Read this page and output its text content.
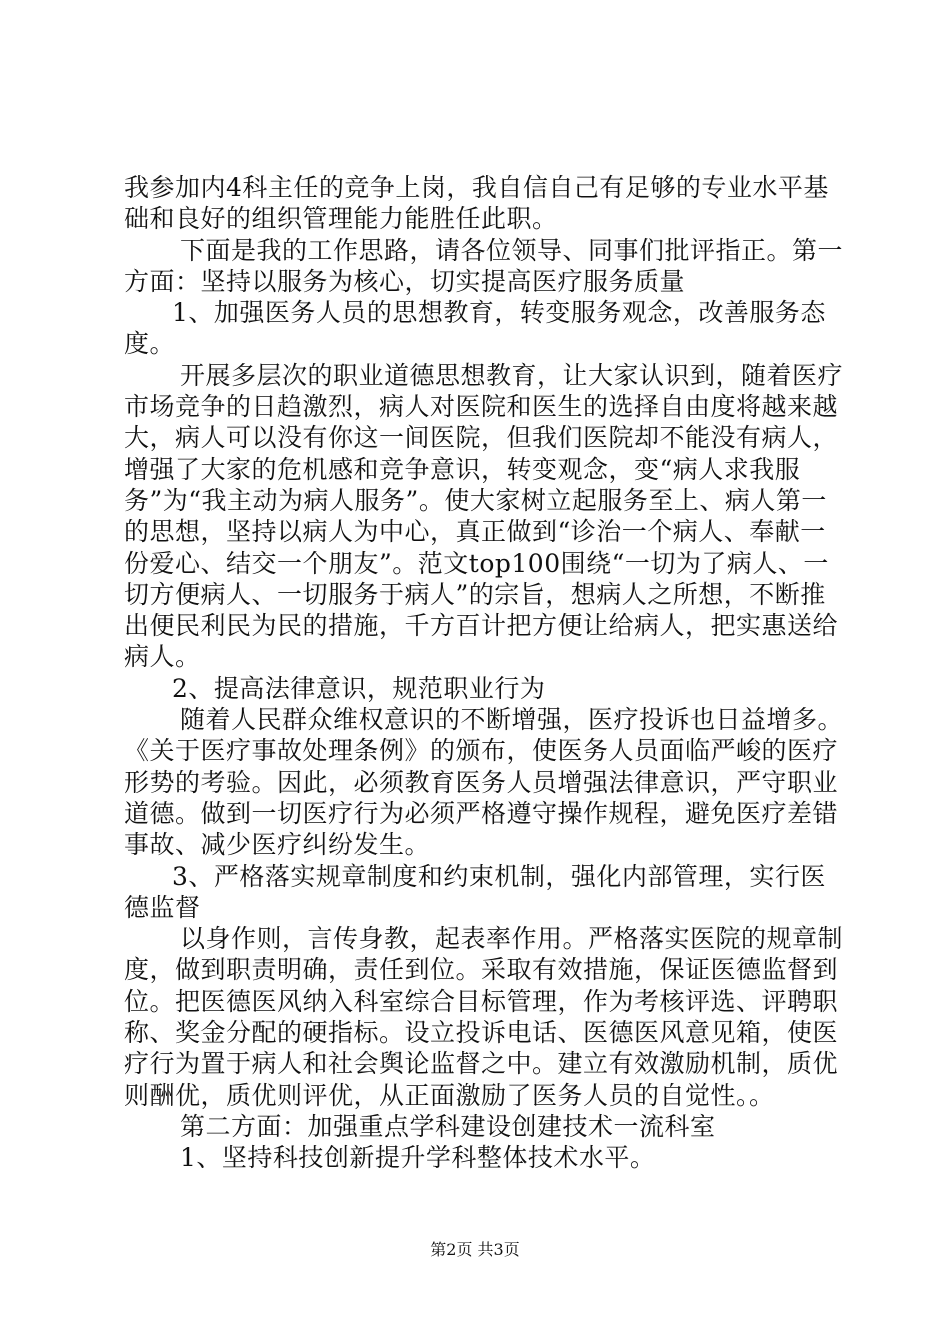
我参加内4科主任的竞争上岗，我自信自己有足够的专业水平基础和良好的组织管理能力能胜任此职。

下面是我的工作思路，请各位领导、同事们批评指正。第一方面：坚持以服务为核心，切实提高医疗服务质量

1、加强医务人员的思想教育，转变服务观念，改善服务态度。

开展多层次的职业道德思想教育，让大家认识到，随着医疗市场竞争的日趋激烈，病人对医院和医生的选择自由度将越来越大，病人可以没有你这一间医院，但我们医院却不能没有病人，增强了大家的危机感和竞争意识，转变观念，变“病人求我服务”为“我主动为病人服务”。使大家树立起服务至上、病人第一的思想，坚持以病人为中心，真正做到“诊治一个病人、奉献一份爱心、结交一个朋友”。范文top100围绕“一切为了病人、一切方便病人、一切服务于病人”的宗旨，想病人之所想，不断推出便民利民为民的措施，千方百计把方便让给病人，把实惠送给病人。

2、提高法律意识，规范职业行为

随着人民群众维权意识的不断增强，医疗投诉也日益增多。《关于医疗事故处理条例》的颁布，使医务人员面临严峻的医疗形势的考验。因此，必须教育医务人员增强法律意识，严守职业道德。做到一切医疗行为必须严格遵守操作规程，避免医疗差错事故、减少医疗纠纷发生。

3、严格落实规章制度和约束机制，强化内部管理，实行医德监督

以身作则，言传身教，起表率作用。严格落实医院的规章制度，做到职责明确，责任到位。采取有效措施，保证医德监督到位。把医德医风纳入科室综合目标管理，作为考核评选、评聘职称、奖金分配的硬指标。设立投诉电话、医德医风意见箱，使医疗行为置于病人和社会舆论监督之中。建立有效激励机制，质优则酬优，质优则评优，从正面激励了医务人员的自觉性。。

第二方面：加强重点学科建设创建技术一流科室

1、坚持科技创新提升学科整体技术水平。

第2页 共3页
